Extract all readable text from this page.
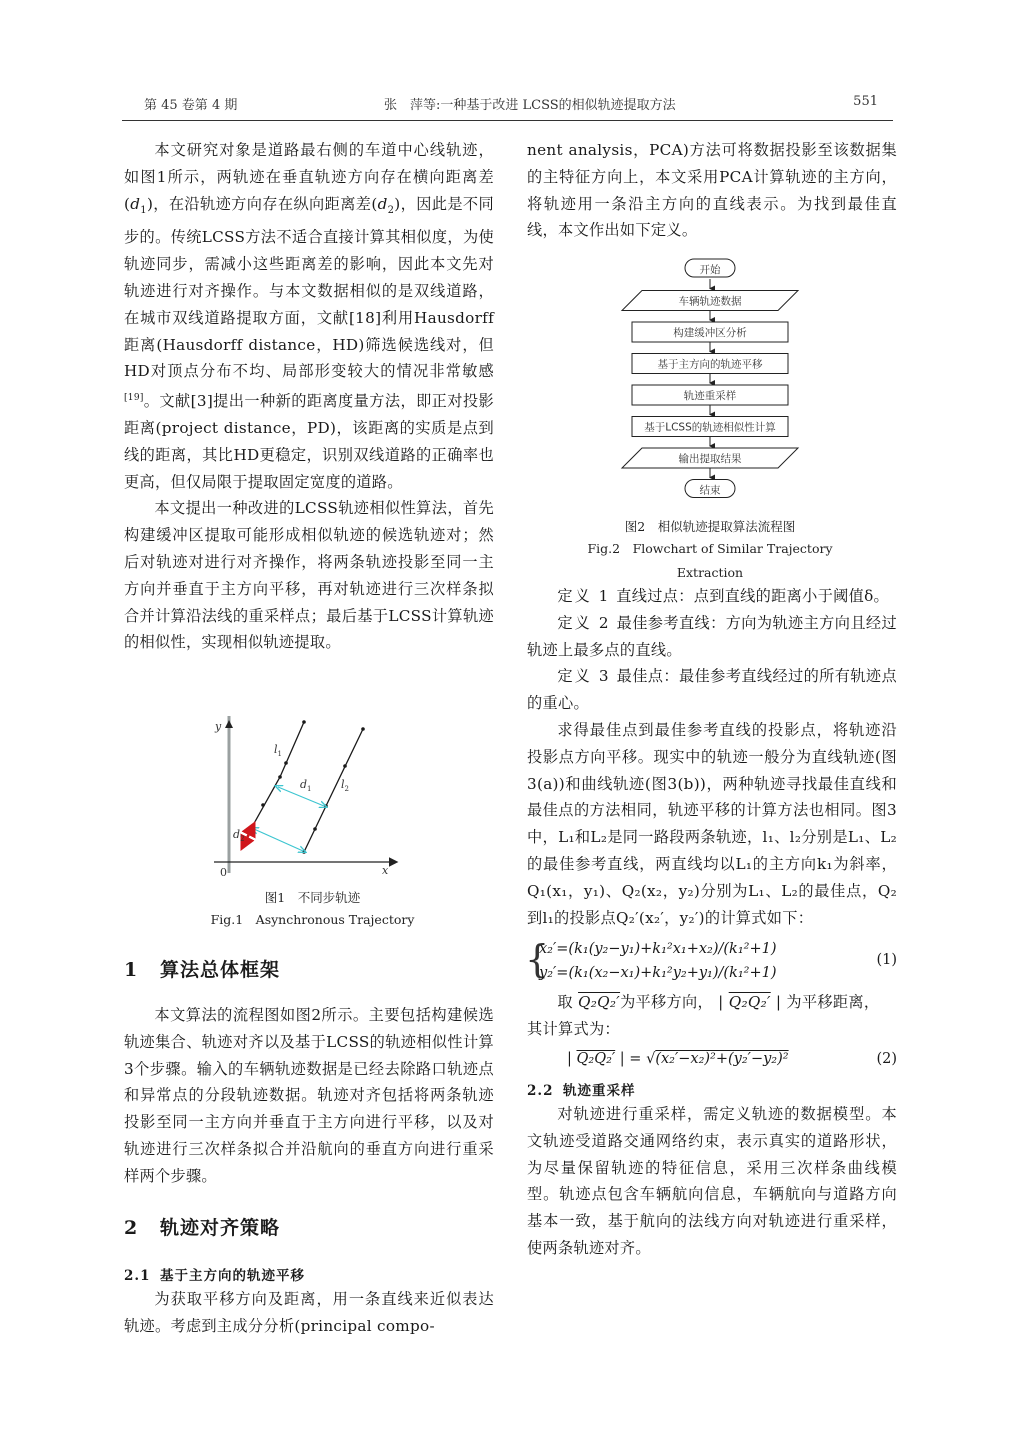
第 45 卷第 4 期	张　萍等:一种基于改进 LCSS的相似轨迹提取方法	551

本文研究对象是道路最右侧的车道中心线轨迹，如图1所示，两轨迹在垂直轨迹方向存在横向距离差$(d_1)$，在沿轨迹方向存在纵向距离差$(d_2)$，因此是不同步的。传统LCSS方法不适合直接计算其相似度，为使轨迹同步，需减小这些距离差的影响，因此本文先对轨迹进行对齐操作。与本文数据相似的是双线道路，在城市双线道路提取方面，文献[18]利用Hausdorff距离(Hausdorff distance，HD)筛选候选线对，但HD对顶点分布不均、局部形变较大的情况非常敏感[19]。文献[3]提出一种新的距离度量方法，即正对投影距离(project distance，PD)，该距离的实质是点到线的距离，其比HD更稳定，识别双线道路的正确率也更高，但仅局限于提取固定宽度的道路。

本文提出一种改进的LCSS轨迹相似性算法，首先构建缓冲区提取可能形成相似轨迹的候选轨迹对；然后对轨迹对进行对齐操作，将两条轨迹投影至同一主方向并垂直于主方向平移，再对轨迹进行三次样条拟合并计算沿法线的重采样点；最后基于LCSS计算轨迹的相似性，实现相似轨迹提取。

y
x
0
$l_1$
$l_2$
$d_1$
$d_2$
图1　不同步轨迹
Fig.1　Asynchronous Trajectory
1 算法总体框架

本文算法的流程图如图2所示。主要包括构建候选轨迹集合、轨迹对齐以及基于LCSS的轨迹相似性计算3个步骤。输入的车辆轨迹数据是已经去除路口轨迹点和异常点的分段轨迹数据。轨迹对齐包括将两条轨迹投影至同一主方向并垂直于主方向进行平移，以及对轨迹进行三次样条拟合并沿航向的垂直方向进行重采样两个步骤。

2 轨迹对齐策略
2.1 基于主方向的轨迹平移

为获取平移方向及距离，用一条直线来近似表达轨迹。考虑到主成分分析(principal compo-

nent analysis，PCA)方法可将数据投影至该数据集的主特征方向上，本文采用PCA计算轨迹的主方向，将轨迹用一条沿主方向的直线表示。为找到最佳直线，本文作出如下定义。

开始
车辆轨迹数据
构建缓冲区分析
基于主方向的轨迹平移
轨迹重采样
基于LCSS的轨迹相似性计算
输出提取结果
结束
图2　相似轨迹提取算法流程图
Fig.2　Flowchart of Similar Trajectory Extraction

定义 1 直线过点：点到直线的距离小于阈值δ。

定义 2 最佳参考直线：方向为轨迹主方向且经过轨迹上最多点的直线。

定义 3 最佳点：最佳参考直线经过的所有轨迹点的重心。

求得最佳点到最佳参考直线的投影点，将轨迹沿投影点方向平移。现实中的轨迹一般分为直线轨迹(图3(a))和曲线轨迹(图3(b))，两种轨迹寻找最佳直线和最佳点的方法相同，轨迹平移的计算方法也相同。图3中，L₁和L₂是同一路段两条轨迹，l₁、l₂分别是L₁、L₂的最佳参考直线，两直线均以L₁的主方向k₁为斜率，Q₁(x₁，y₁)、Q₂(x₂，y₂)分别为L₁、L₂的最佳点，Q₂到l₁的投影点Q₂′(x₂′，y₂′)的计算式如下：

{
x₂′=(k₁(y₂−y₁)+k₁²x₁+x₂)/(k₁²+1)
y₂′=(k₁(x₂−x₁)+k₁²y₂+y₁)/(k₁²+1)
(1)

取 Q₂Q₂′为平移方向， | Q₂Q₂′ | 为平移距离，
其计算式为：

| Q₂Q₂′ | = √(x₂′−x₂)²+(y₂′−y₂)²	(2)
2.2 轨迹重采样

对轨迹进行重采样，需定义轨迹的数据模型。本文轨迹受道路交通网络约束，表示真实的道路形状，为尽量保留轨迹的特征信息，采用三次样条曲线模型。轨迹点包含车辆航向信息，车辆航向与道路方向基本一致，基于航向的法线方向对轨迹进行重采样，使两条轨迹对齐。
